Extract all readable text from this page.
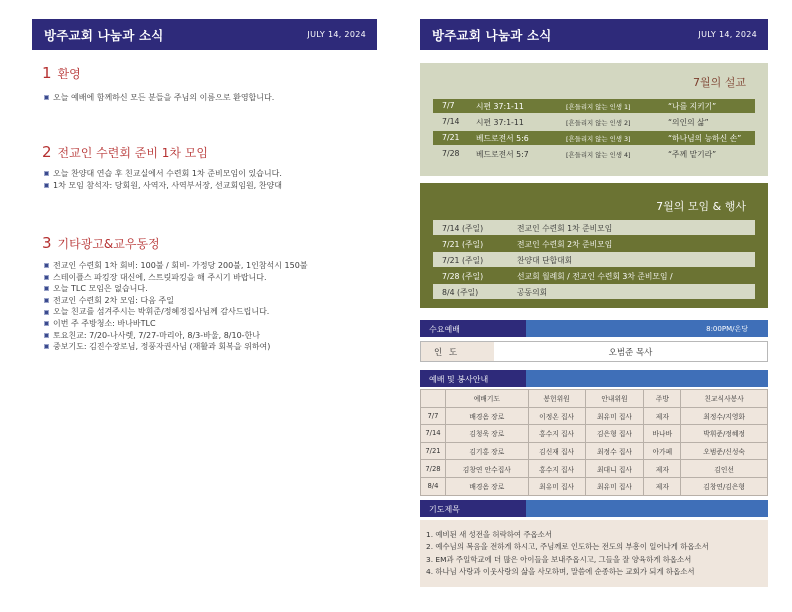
방주교회 나눔과 소식	JULY 14, 2024
1 환영
오늘 예배에 함께하신 모든 분들을 주님의 이름으로 환영합니다.
2 전교인 수련회 준비 1차 모임
오늘 찬양대 연습 후 친교실에서 수련회 1차 준비모임이 있습니다.
1차 모임 참석자: 당회원, 사역자, 사역부서장, 선교회임원, 찬양대
3 기타광고&교우동정
전교인 수련회 1차 회비: 100불 / 회비- 가정당 200불, 1인참석시 150불
스테이플스 파킹장 대신에, 스트릿파킹을 해 주시기 바랍니다.
오늘 TLC 모임은 없습니다.
전교인 수련회 2차 모임: 다음 주일
오늘 친교를 섬겨주시는 박휘준/정혜정집사님께 감사드립니다.
이번 주 주방청소: 바나바TLC
토요친교: 7/20-나사렛, 7/27-마리아, 8/3-바울, 8/10-한나
중보기도: 김진수장로님, 정풍자권사님 (재활과 회복을 위하여)
방주교회 나눔과 소식	JULY 14, 2024
7월의 설교
7/7	시편 37:1-11	[흔들리지 않는 인생 1]	“나를 지키기”
7/14 시편 37:1-11	[흔들리지 않는 인생 2]	“의인의 삶”
7/21 베드로전서 5:6	[흔들리지 않는 인생 3]	“하나님의 능하신 손”
7/28 베드로전서 5:7	[흔들리지 않는 인생 4]	“주께 맡기라”
7월의 모임 & 행사
7/14 (주일)	전교인 수련회 1차 준비모임
7/21 (주일)	전교인 수련회 2차 준비모임
7/21 (주일)	찬양대 단합대회
7/28 (주일)	선교회 월례회 / 전교인 수련회 3차 준비모임 /
8/4 (주일)	공동의회
수요예배	8:00PM/온당
인 도	오범준 목사
예배 및 봉사안내
	예배기도	봉헌위원	안내위원	주방	친교식사봉사
7/7	배경옴 장로	이정온 집사	최유미 집사	제자	최정수/지영화
7/14	김청욱 장로	홍수지 집사	김은형 집사	바나바	박휘준/정혜정
7/21	김기홍 장로	김신재 집사	최정수 집사	아가페	오범준/신성숙
7/28	김창연 안수집사	홍수지 집사	최대니 집사	제자	김인선
8/4	배경옴 장로	최유미 집사	최유미 집사	제자	김창연/김은형
기도제목
1. 예비된 새 성전을 허락하여 주옵소서
2. 예수님의 복음을 전하게 하시고, 주님께로 인도하는 전도의 부흥이 일어나게 하옵소서
3. EM과 주일학교에 더 많은 아이들을 보내주옵시고, 그들을 잘 양육하게 하옵소서
4. 하나님 사랑과 이웃사랑의 삶을 사모하며, 말씀에 순종하는 교회가 되게 하옵소서
